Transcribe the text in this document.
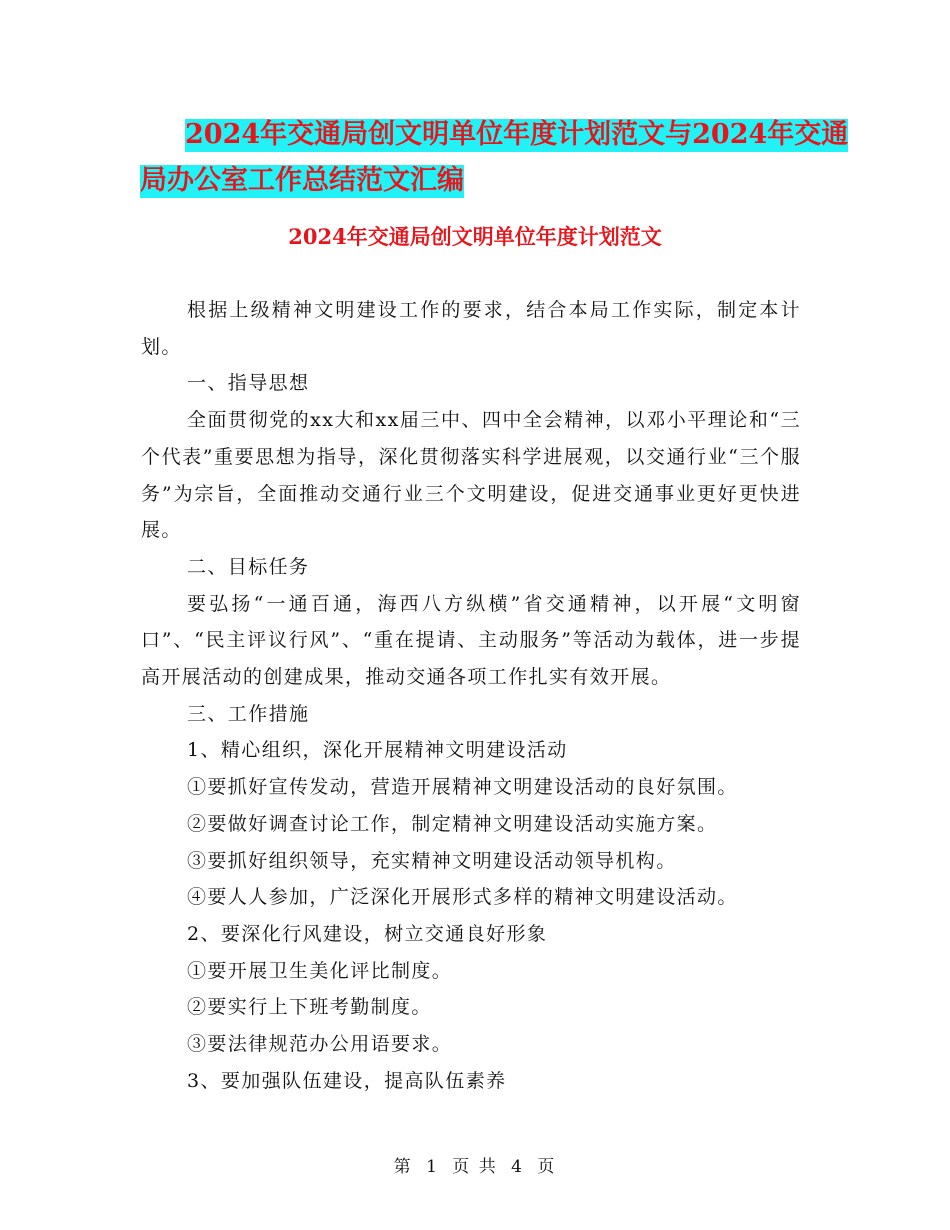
2024年交通局创文明单位年度计划范文与2024年交通
局办公室工作总结范文汇编
2024年交通局创文明单位年度计划范文

根据上级精神文明建设工作的要求，结合本局工作实际，制定本计划。

一、指导思想

全面贯彻党的xx大和xx届三中、四中全会精神，以邓小平理论和“三个代表”重要思想为指导，深化贯彻落实科学进展观，以交通行业“三个服务”为宗旨，全面推动交通行业三个文明建设，促进交通事业更好更快进展。

二、目标任务

要弘扬“一通百通，海西八方纵横”省交通精神，以开展“文明窗口”、“民主评议行风”、“重在提请、主动服务”等活动为载体，进一步提高开展活动的创建成果，推动交通各项工作扎实有效开展。

三、工作措施

1、精心组织，深化开展精神文明建设活动

①要抓好宣传发动，营造开展精神文明建设活动的良好氛围。

②要做好调查讨论工作，制定精神文明建设活动实施方案。

③要抓好组织领导，充实精神文明建设活动领导机构。

④要人人参加，广泛深化开展形式多样的精神文明建设活动。

2、要深化行风建设，树立交通良好形象

①要开展卫生美化评比制度。

②要实行上下班考勤制度。

③要法律规范办公用语要求。

3、要加强队伍建设，提高队伍素养

第 1 页 共 4 页
